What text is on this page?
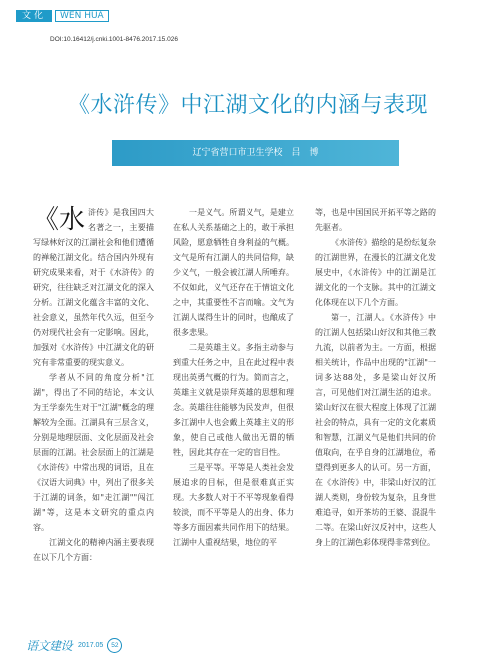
文化	WEN HUA
DOI:10.16412/j.cnki.1001-8476.2017.15.026
《水浒传》中江湖文化的内涵与表现
辽宁省营口市卫生学校　吕　博

《水浒传》是我国四大名著之一，主要描写绿林好汉的江湖社会和他们遭循的禅秘江湖文化。结合国内外现有研究成果来看，对于《水浒传》的研究，往往缺乏对江湖文化的深入分析。江湖文化蕴含丰富的文化、社会意义，虽然年代久远，但至今仍对现代社会有一定影响。因此，加强对《水浒传》中江湖文化的研究有非常重要的现实意义。

学者从不同的角度分析"江湖"，得出了不同的结论，本文认为王学泰先生对于"江湖"概念的理解较为全面。江湖具有三层含义，分别是地理层面、文化层面及社会层面的江湖。社会层面上的江湖是《水浒传》中常出现的词语，且在《汉语大词典》中，列出了很多关于江湖的词条，如"走江湖""闯江湖"等，这是本文研究的重点内容。

江湖文化的精神内涵主要表现在以下几个方面：

一是义气。所谓义气，是建立在私人关系基础之上的，敢于承担风险，愿意牺牲自身利益的气概。文气是所有江湖人的共同信仰，缺少义气，一般会被江湖人所唾弃。不仅如此，义气还存在于情谊文化之中，其重要性不言而喻。文气为江湖人谋得生计的同时，也酿成了很多悲果。

二是英雄主义。多指主动参与到重大任务之中，且在此过程中表现出英勇气概的行为。简而言之，英雄主义就是崇拜英雄的思想和理念。英雄往往能够为民发声，但很多江湖中人也会戴上英雄主义的形象，使自己或他人做出无谓的牺牲，因此其存在一定的盲目性。

三是平等。平等是人类社会发展追求的目标，但是很难真正实现。大多数人对于不平等现象看得较淡，而不平等是人的出身、体力等多方面因素共同作用下的结果。江湖中人重视结果，地位的平

等，也是中国国民开拓平等之路的先驱者。

《水浒传》描绘的是纷纭复杂的江湖世界，在漫长的江湖文化发展史中，《水浒传》中的江湖是江湖文化的一个支脉。其中的江湖文化体现在以下几个方面。

第一，江湖人。《水浒传》中的江湖人包括梁山好汉和其他三教九流，以前者为主。一方面，根据相关统计，作品中出现的"江湖"一词多达88处，多是梁山好汉所言，可见他们对江湖生活的追求。梁山好汉在很大程度上体现了江湖社会的特点，具有一定的文化素质和智慧，江湖义气是他们共同的价值取向，在乎自身的江湖地位，希望得到更多人的认可。另一方面，在《水浒传》中，非梁山好汉的江湖人类则，身份较为复杂，且身世难追寻，如开茶坊的王婆、混混牛二等。在梁山好汉反衬中，这些人身上的江湖色彩体现得非常到位。

语文建设 2017.05	52
